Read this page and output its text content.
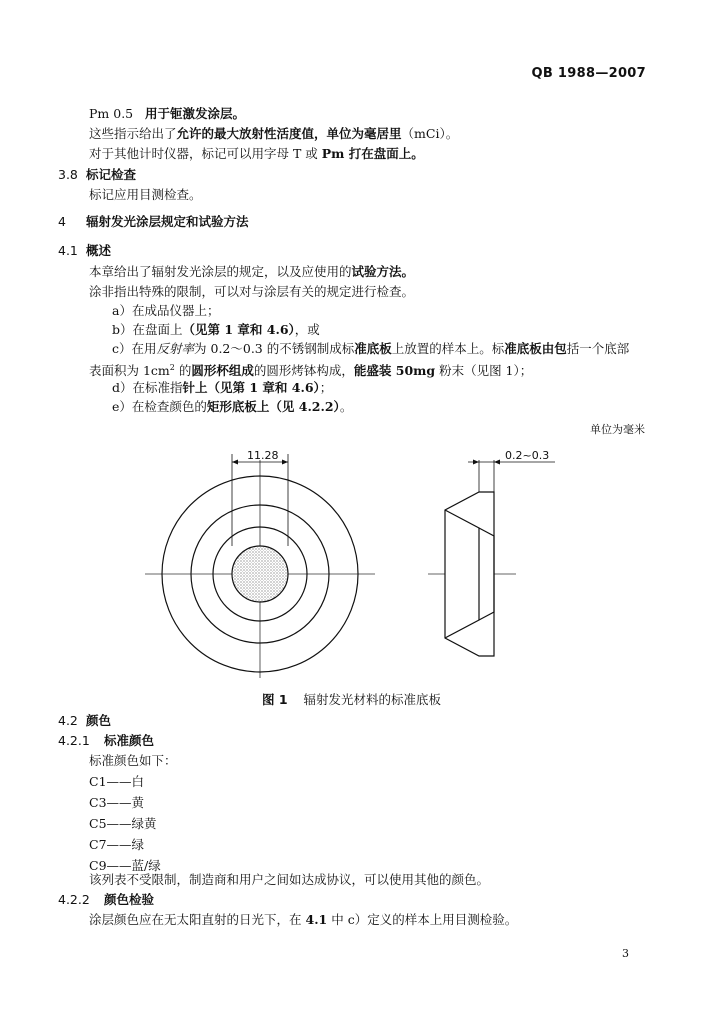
QB 1988—2007
Pm 0.5 用于钷激发涂层。
这些指示给出了允许的最大放射性活度值，单位为毫居里（mCi）。
对于其他计时仪器，标记可以用字母 T 或 Pm 打在盘面上。
3.8 标记检查
标记应用目测检查。
4 辐射发光涂层规定和试验方法
4.1 概述
本章给出了辐射发光涂层的规定，以及应使用的试验方法。
涂非指出特殊的限制，可以对与涂层有关的规定进行检查。
a）在成品仪器上；
b）在盘面上（见第 1 章和 4.6），或
c）在用反射率为 0.2～0.3 的不锈钢制成标准底板上放置的样本上。标准底板由包括一个底部
表面积为 $1cm^2$ 的圆形杯组成的圆形烤钵构成，能盛装 50mg 粉末（见图 1）；
d）在标准指针上（见第 1 章和 4.6）；
e）在检查颜色的矩形底板上（见 4.2.2）。
单位为毫米
11.28	0.2~0.3
图 1 辐射发光材料的标准底板
4.2 颜色
4.2.1 标准颜色
标准颜色如下：
C1——白
C3——黄
C5——绿黄
C7——绿
C9——蓝/绿
该列表不受限制，制造商和用户之间如达成协议，可以使用其他的颜色。
4.2.2 颜色检验
涂层颜色应在无太阳直射的日光下，在 4.1 中 c）定义的样本上用目测检验。
3
